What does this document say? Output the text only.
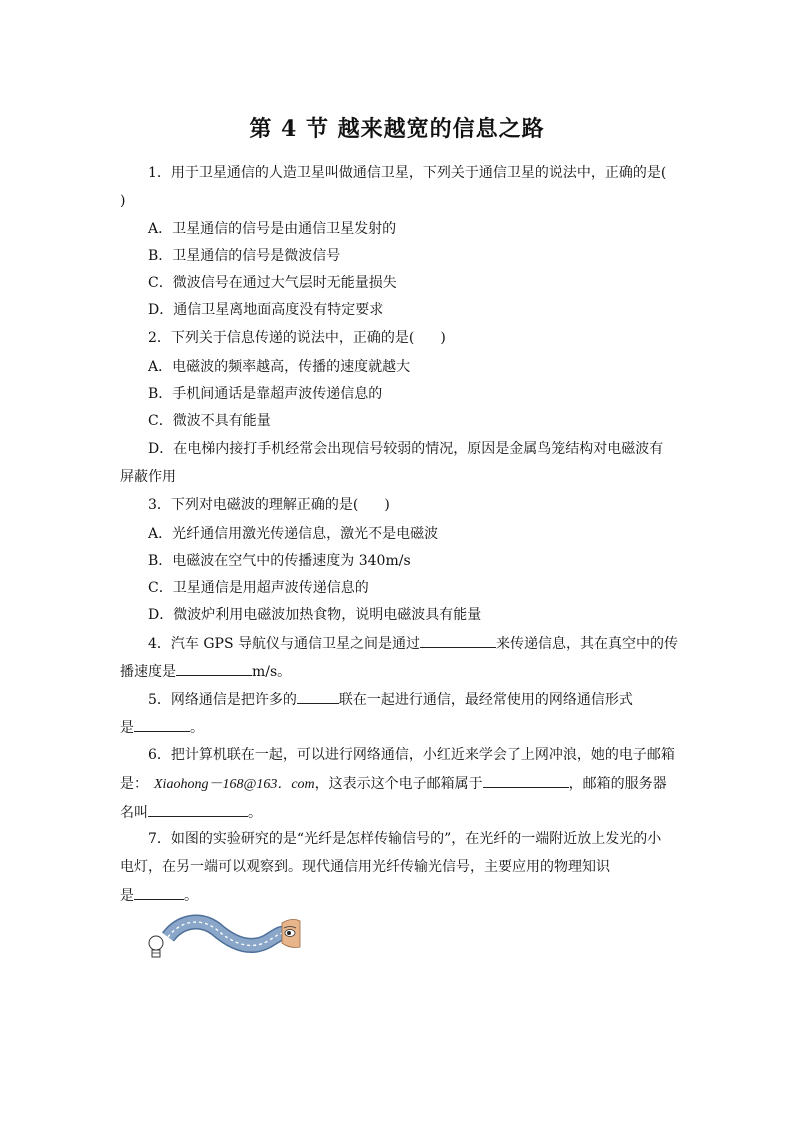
第 4 节 越来越宽的信息之路
1．用于卫星通信的人造卫星叫做通信卫星，下列关于通信卫星的说法中，正确的是(
)
A．卫星通信的信号是由通信卫星发射的
B．卫星通信的信号是微波信号
C．微波信号在通过大气层时无能量损失
D．通信卫星离地面高度没有特定要求
2．下列关于信息传递的说法中，正确的是( )
A．电磁波的频率越高，传播的速度就越大
B．手机间通话是靠超声波传递信息的
C．微波不具有能量
D．在电梯内接打手机经常会出现信号较弱的情况，原因是金属鸟笼结构对电磁波有
屏蔽作用
3．下列对电磁波的理解正确的是( )
A．光纤通信用激光传递信息，激光不是电磁波
B．电磁波在空气中的传播速度为 340m/s
C．卫星通信是用超声波传递信息的
D．微波炉利用电磁波加热食物，说明电磁波具有能量
4．汽车 GPS 导航仪与通信卫星之间是通过	来传递信息，其在真空中的传
播速度是	m/s。
5．网络通信是把许多的	联在一起进行通信，最经常使用的网络通信形式
是	。
6．把计算机联在一起，可以进行网络通信，小红近来学会了上网冲浪，她的电子邮箱
是： Xiaohong－168@163．com，这表示这个电子邮箱属于	，邮箱的服务器
名叫	。
7．如图的实验研究的是“光纤是怎样传输信号的”，在光纤的一端附近放上发光的小
电灯，在另一端可以观察到。现代通信用光纤传输光信号，主要应用的物理知识
是	。
